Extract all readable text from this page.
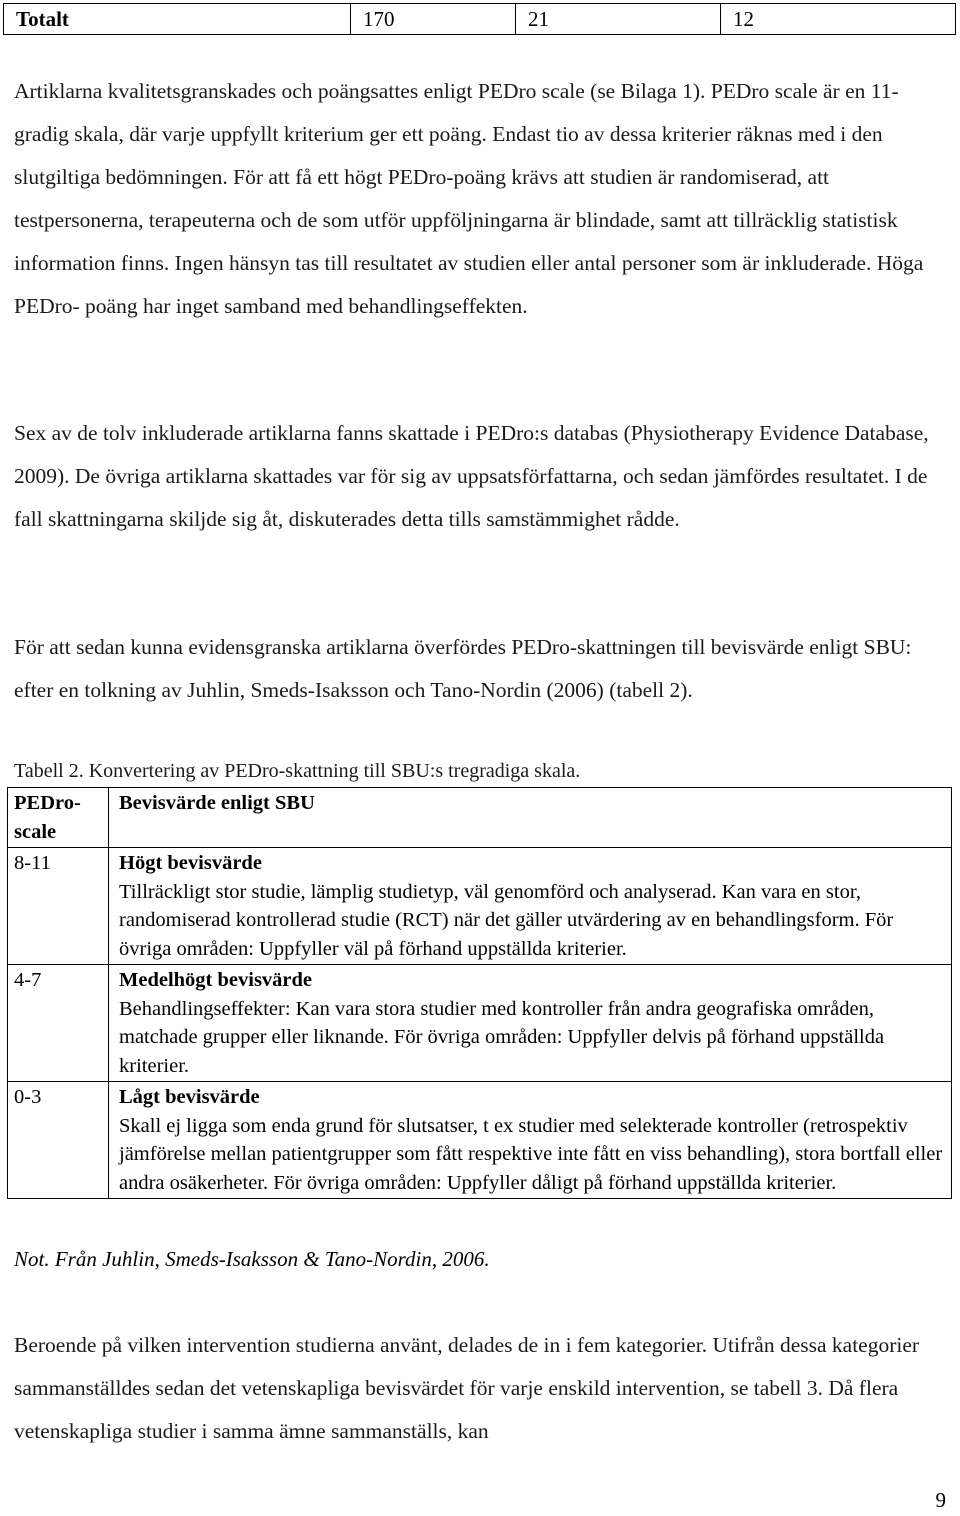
Totalt	170	21	12

Artiklarna kvalitetsgranskades och poängsattes enligt PEDro scale (se Bilaga 1). PEDro scale är en 11-gradig skala, där varje uppfyllt kriterium ger ett poäng. Endast tio av dessa kriterier räknas med i den slutgiltiga bedömningen. För att få ett högt PEDro-poäng krävs att studien är randomiserad, att testpersonerna, terapeuterna och de som utför uppföljningarna är blindade, samt att tillräcklig statistisk information finns. Ingen hänsyn tas till resultatet av studien eller antal personer som är inkluderade. Höga PEDro- poäng har inget samband med behandlingseffekten.

Sex av de tolv inkluderade artiklarna fanns skattade i PEDro:s databas (Physiotherapy Evidence Database, 2009). De övriga artiklarna skattades var för sig av uppsatsförfattarna, och sedan jämfördes resultatet. I de fall skattningarna skiljde sig åt, diskuterades detta tills samstämmighet rådde.

För att sedan kunna evidensgranska artiklarna överfördes PEDro-skattningen till bevisvärde enligt SBU: efter en tolkning av Juhlin, Smeds-Isaksson och Tano-Nordin (2006) (tabell 2).

Tabell 2. Konvertering av PEDro-skattning till SBU:s tregradiga skala.

PEDro-scale	Bevisvärde enligt SBU
8-11	Högt bevisvärde
Tillräckligt stor studie, lämplig studietyp, väl genomförd och analyserad. Kan vara en stor, randomiserad kontrollerad studie (RCT) när det gäller utvärdering av en behandlingsform. För övriga områden: Uppfyller väl på förhand uppställda kriterier.
4-7	Medelhögt bevisvärde
Behandlingseffekter: Kan vara stora studier med kontroller från andra geografiska områden, matchade grupper eller liknande. För övriga områden: Uppfyller delvis på förhand uppställda kriterier.
0-3	Lågt bevisvärde
Skall ej ligga som enda grund för slutsatser, t ex studier med selekterade kontroller (retrospektiv jämförelse mellan patientgrupper som fått respektive inte fått en viss behandling), stora bortfall eller andra osäkerheter. För övriga områden: Uppfyller dåligt på förhand uppställda kriterier.

Not. Från Juhlin, Smeds-Isaksson & Tano-Nordin, 2006.

Beroende på vilken intervention studierna använt, delades de in i fem kategorier. Utifrån dessa kategorier sammanställdes sedan det vetenskapliga bevisvärdet för varje enskild intervention, se tabell 3. Då flera vetenskapliga studier i samma ämne sammanställs, kan

9
